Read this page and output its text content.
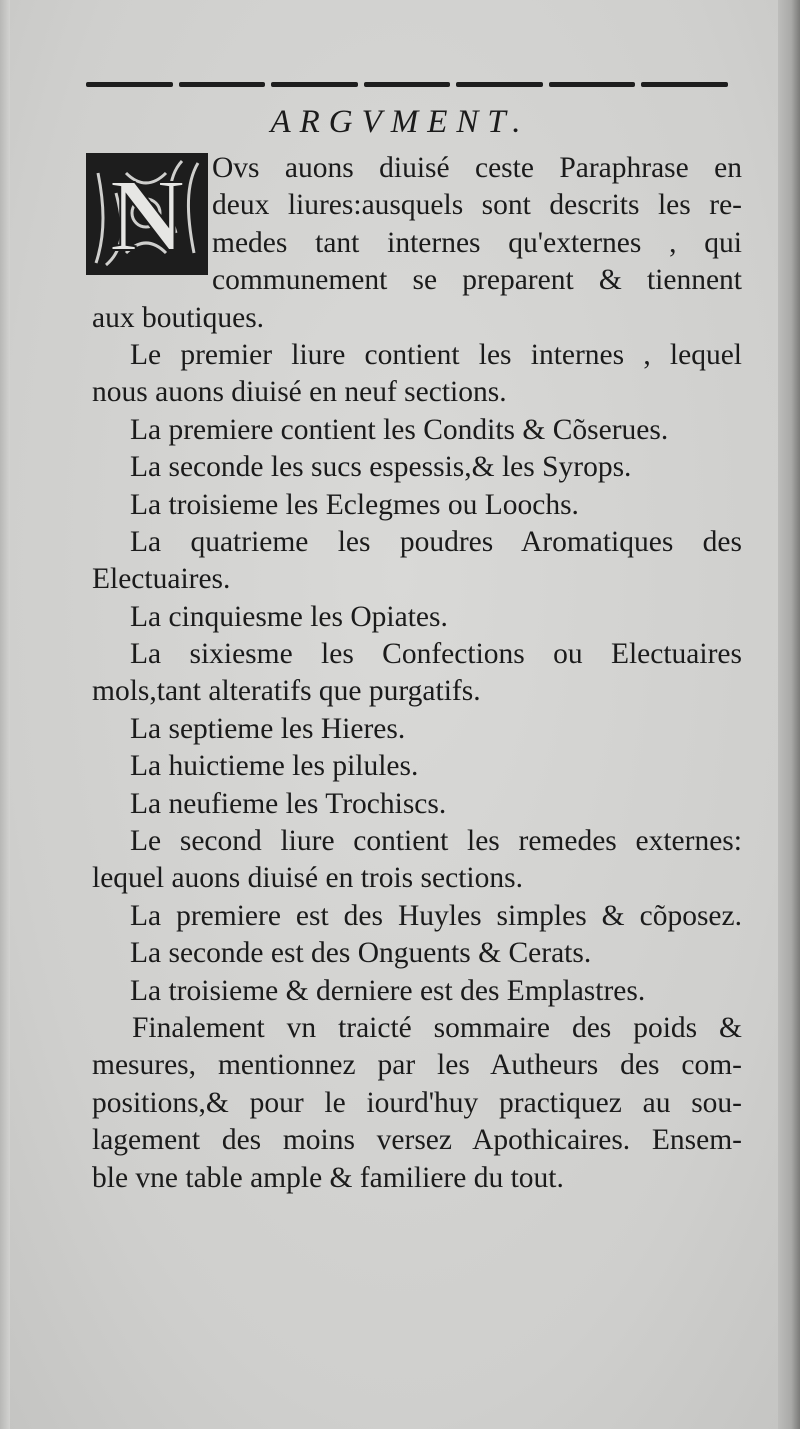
ARGVMENT.
N Ovs auons diuisé ceste Paraphrase en
deux liures:ausquels sont descrits les re-
medes tant internes qu'externes , qui
communement se preparent & tiennent
aux boutiques.
Le premier liure contient les internes , lequel
nous auons diuisé en neuf sections.
La premiere contient les Condits & Cõserues.
La seconde les sucs espessis,& les Syrops.
La troisieme les Eclegmes ou Loochs.
La quatrieme les poudres Aromatiques des
Electuaires.
La cinquiesme les Opiates.
La sixiesme les Confections ou Electuaires
mols,tant alteratifs que purgatifs.
La septieme les Hieres.
La huictieme les pilules.
La neufieme les Trochiscs.
Le second liure contient les remedes externes:
lequel auons diuisé en trois sections.
La premiere est des Huyles simples & cõposez.
La seconde est des Onguents & Cerats.
La troisieme & derniere est des Emplastres.
Finalement vn traicté sommaire des poids &
mesures, mentionnez par les Autheurs des com-
positions,& pour le iourd'huy practiquez au sou-
lagement des moins versez Apothicaires. Ensem-
ble vne table ample & familiere du tout.
